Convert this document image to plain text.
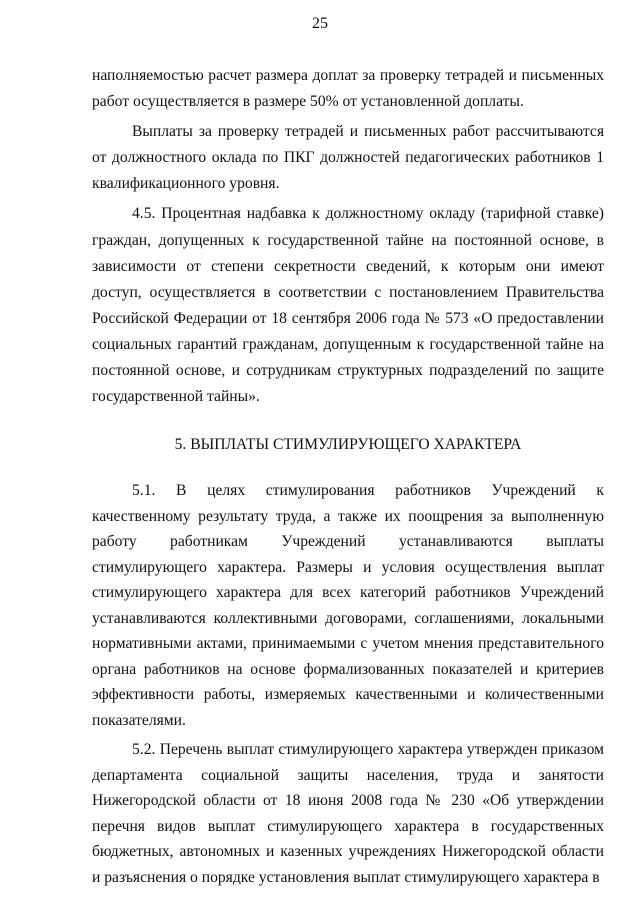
25

наполняемостью расчет размера доплат за проверку тетрадей и письменных работ осуществляется в размере 50% от установленной доплаты.

Выплаты за проверку тетрадей и письменных работ рассчитываются от должностного оклада по ПКГ должностей педагогических работников 1 квалификационного уровня.

4.5. Процентная надбавка к должностному окладу (тарифной ставке) граждан, допущенных к государственной тайне на постоянной основе, в зависимости от степени секретности сведений, к которым они имеют доступ, осуществляется в соответствии с постановлением Правительства Российской Федерации от 18 сентября 2006 года № 573 «О предоставлении социальных гарантий гражданам, допущенным к государственной тайне на постоянной основе, и сотрудникам структурных подразделений по защите государственной тайны».

5. ВЫПЛАТЫ СТИМУЛИРУЮЩЕГО ХАРАКТЕРА

5.1. В целях стимулирования работников Учреждений к качественному результату труда, а также их поощрения за выполненную работу работникам Учреждений устанавливаются выплаты стимулирующего характера. Размеры и условия осуществления выплат стимулирующего характера для всех категорий работников Учреждений устанавливаются коллективными договорами, соглашениями, локальными нормативными актами, принимаемыми с учетом мнения представительного органа работников на основе формализованных показателей и критериев эффективности работы, измеряемых качественными и количественными показателями.

5.2. Перечень выплат стимулирующего характера утвержден приказом департамента социальной защиты населения, труда и занятости Нижегородской области от 18 июня 2008 года № 230 «Об утверждении перечня видов выплат стимулирующего характера в государственных бюджетных, автономных и казенных учреждениях Нижегородской области и разъяснения о порядке установления выплат стимулирующего характера в
